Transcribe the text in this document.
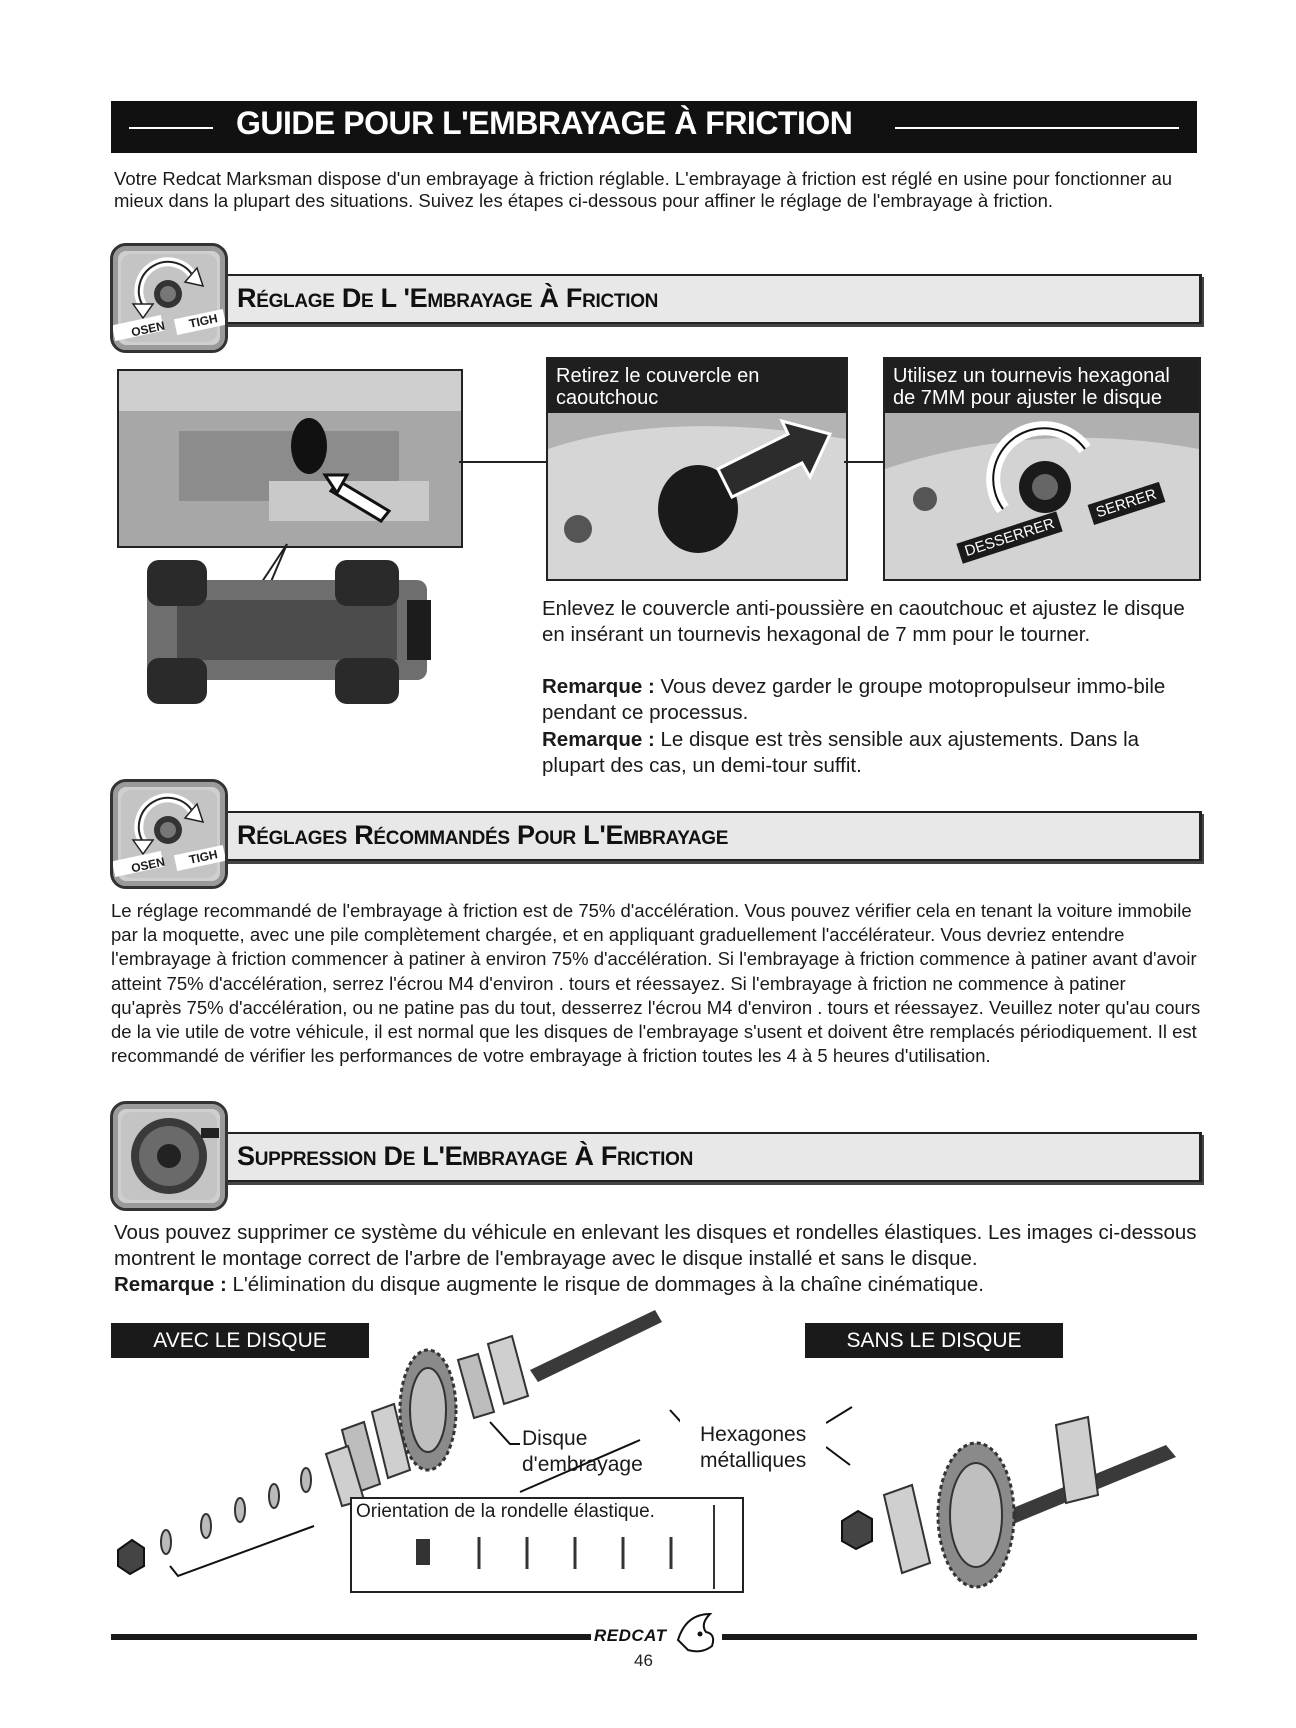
GUIDE POUR L'EMBRAYAGE À FRICTION
Votre Redcat Marksman dispose d'un embrayage à friction réglable. L'embrayage à friction est réglé en usine pour fonctionner au mieux dans la plupart des situations. Suivez les étapes ci-dessous pour affiner le réglage de l'embrayage à friction.
Réglage De L 'Embrayage À Friction
OSEN TIGH
Retirez le couvercle en caoutchouc
Utilisez un tournevis hexagonal de 7MM pour ajuster le disque
DESSERRER
SERRER
Enlevez le couvercle anti-poussière en caoutchouc et ajustez le disque en insérant un tournevis hexagonal de 7 mm pour le tourner.
Remarque : Vous devez garder le groupe motopropulseur immo-bile pendant ce processus.
Remarque : Le disque est très sensible aux ajustements. Dans la plupart des cas, un demi-tour suffit.
Réglages Récommandés Pour L'Embrayage
OSEN TIGH
Le réglage recommandé de l'embrayage à friction est de 75% d'accélération. Vous pouvez vérifier cela en tenant la voiture immobile par la moquette, avec une pile complètement chargée, et en appliquant graduellement l'accélérateur. Vous devriez entendre l'embrayage à friction commencer à patiner à environ 75% d'accélération. Si l'embrayage à friction commence à patiner avant d'avoir atteint 75% d'accélération, serrez l'écrou M4 d'environ . tours et réessayez. Si l'embrayage à friction ne commence à patiner qu'après 75% d'accélération, ou ne patine pas du tout, desserrez l'écrou M4 d'environ . tours et réessayez. Veuillez noter qu'au cours de la vie utile de votre véhicule, il est normal que les disques de l'embrayage s'usent et doivent être remplacés périodiquement. Il est recommandé de vérifier les performances de votre embrayage à friction toutes les 4 à 5 heures d'utilisation.
Suppression De L'Embrayage À Friction
Vous pouvez supprimer ce système du véhicule en enlevant les disques et rondelles élastiques. Les images ci-dessous montrent le montage correct de l'arbre de l'embrayage avec le disque installé et sans le disque.
Remarque : L'élimination du disque augmente le risque de dommages à la chaîne cinématique.
AVEC LE DISQUE	SANS LE DISQUE
Disque d'embrayage
Hexagones métalliques
Orientation de la rondelle élastique.
REDCAT
46
